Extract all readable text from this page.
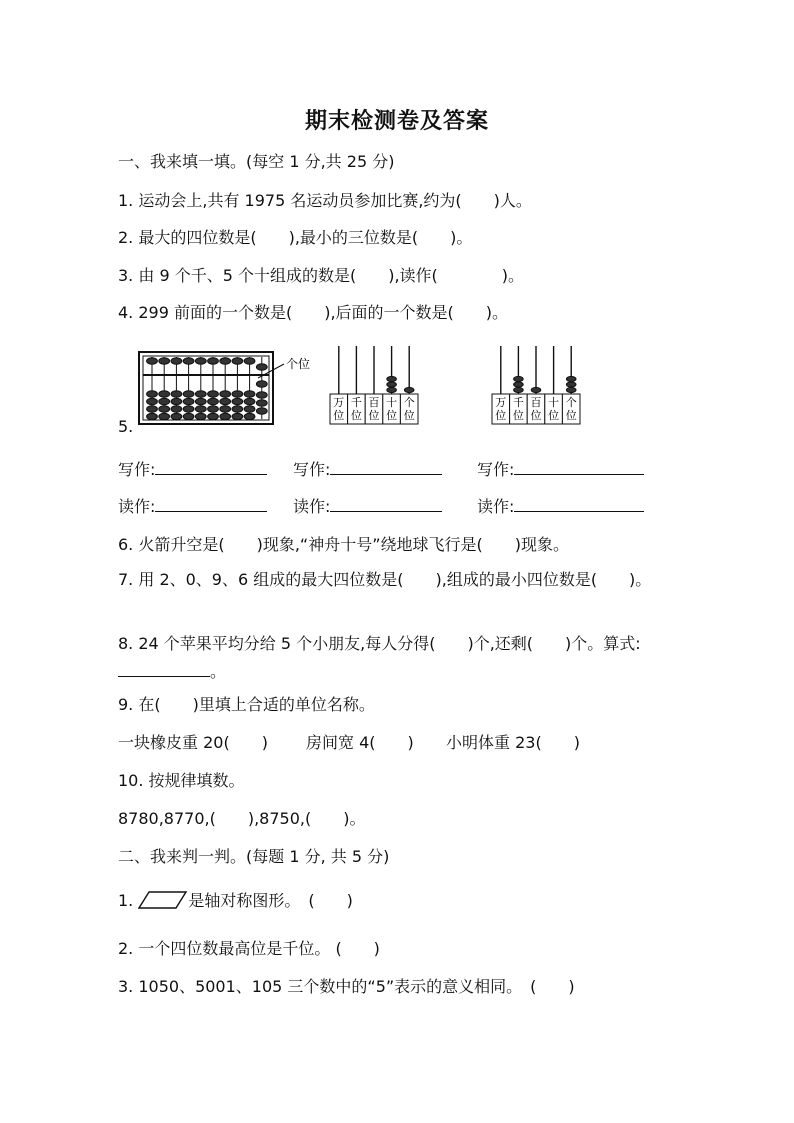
期末检测卷及答案
一、我来填一填。(每空 1 分,共 25 分)
1. 运动会上,共有 1975 名运动员参加比赛,约为(　　)人。
2. 最大的四位数是(　　),最小的三位数是(　　)。
3. 由 9 个千、5 个十组成的数是(　　),读作(　　　　)。
4. 299 前面的一个数是(　　),后面的一个数是(　　)。
5.
个位
万
位
千
位
百
位
十
位
个
位
万
位
千
位
百
位
十
位
个
位
写作:	写作:	写作:
读作:	读作:	读作:
6. 火箭升空是(　　)现象,“神舟十号”绕地球飞行是(　　)现象。
7. 用 2、0、9、6 组成的最大四位数是(　　),组成的最小四位数是(　　)。
8. 24 个苹果平均分给 5 个小朋友,每人分得(　　)个,还剩(　　)个。算式:。
9. 在(　　)里填上合适的单位名称。
一块橡皮重 20(　　) 房间宽 4(　　) 小明体重 23(　　)
10. 按规律填数。
8780,8770,(　　),8750,(　　)。
二、我来判一判。(每题 1 分, 共 5 分)
1.	是轴对称图形。　(　　)
2. 一个四位数最高位是千位。 (　　)
3. 1050、5001、105 三个数中的“5”表示的意义相同。　(　　)
